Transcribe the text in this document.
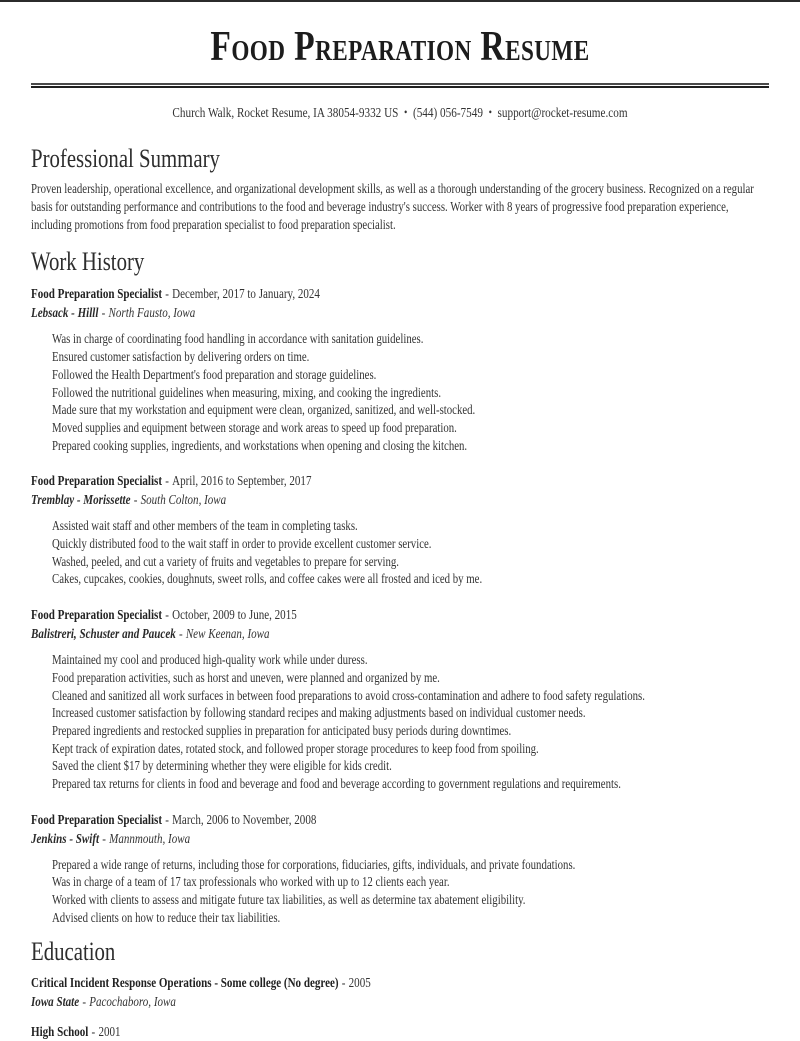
Food Preparation Resume
Church Walk, Rocket Resume, IA 38054-9332 US • (544) 056-7549 • support@rocket-resume.com
Professional Summary

Proven leadership, operational excellence, and organizational development skills, as well as a thorough understanding of the grocery business. Recognized on a regular basis for outstanding performance and contributions to the food and beverage industry's success. Worker with 8 years of progressive food preparation experience, including promotions from food preparation specialist to food preparation specialist.

Work History
Food Preparation Specialist - December, 2017 to January, 2024
Lebsack - Hilll - North Fausto, Iowa
Was in charge of coordinating food handling in accordance with sanitation guidelines.
Ensured customer satisfaction by delivering orders on time.
Followed the Health Department's food preparation and storage guidelines.
Followed the nutritional guidelines when measuring, mixing, and cooking the ingredients.
Made sure that my workstation and equipment were clean, organized, sanitized, and well-stocked.
Moved supplies and equipment between storage and work areas to speed up food preparation.
Prepared cooking supplies, ingredients, and workstations when opening and closing the kitchen.
Food Preparation Specialist - April, 2016 to September, 2017
Tremblay - Morissette - South Colton, Iowa
Assisted wait staff and other members of the team in completing tasks.
Quickly distributed food to the wait staff in order to provide excellent customer service.
Washed, peeled, and cut a variety of fruits and vegetables to prepare for serving.
Cakes, cupcakes, cookies, doughnuts, sweet rolls, and coffee cakes were all frosted and iced by me.
Food Preparation Specialist - October, 2009 to June, 2015
Balistreri, Schuster and Paucek - New Keenan, Iowa
Maintained my cool and produced high-quality work while under duress.
Food preparation activities, such as horst and uneven, were planned and organized by me.
Cleaned and sanitized all work surfaces in between food preparations to avoid cross-contamination and adhere to food safety regulations.
Increased customer satisfaction by following standard recipes and making adjustments based on individual customer needs.
Prepared ingredients and restocked supplies in preparation for anticipated busy periods during downtimes.
Kept track of expiration dates, rotated stock, and followed proper storage procedures to keep food from spoiling.
Saved the client $17 by determining whether they were eligible for kids credit.
Prepared tax returns for clients in food and beverage and food and beverage according to government regulations and requirements.
Food Preparation Specialist - March, 2006 to November, 2008
Jenkins - Swift - Mannmouth, Iowa
Prepared a wide range of returns, including those for corporations, fiduciaries, gifts, individuals, and private foundations.
Was in charge of a team of 17 tax professionals who worked with up to 12 clients each year.
Worked with clients to assess and mitigate future tax liabilities, as well as determine tax abatement eligibility.
Advised clients on how to reduce their tax liabilities.
Education
Critical Incident Response Operations - Some college (No degree) - 2005
Iowa State - Pacochaboro, Iowa
High School - 2001
